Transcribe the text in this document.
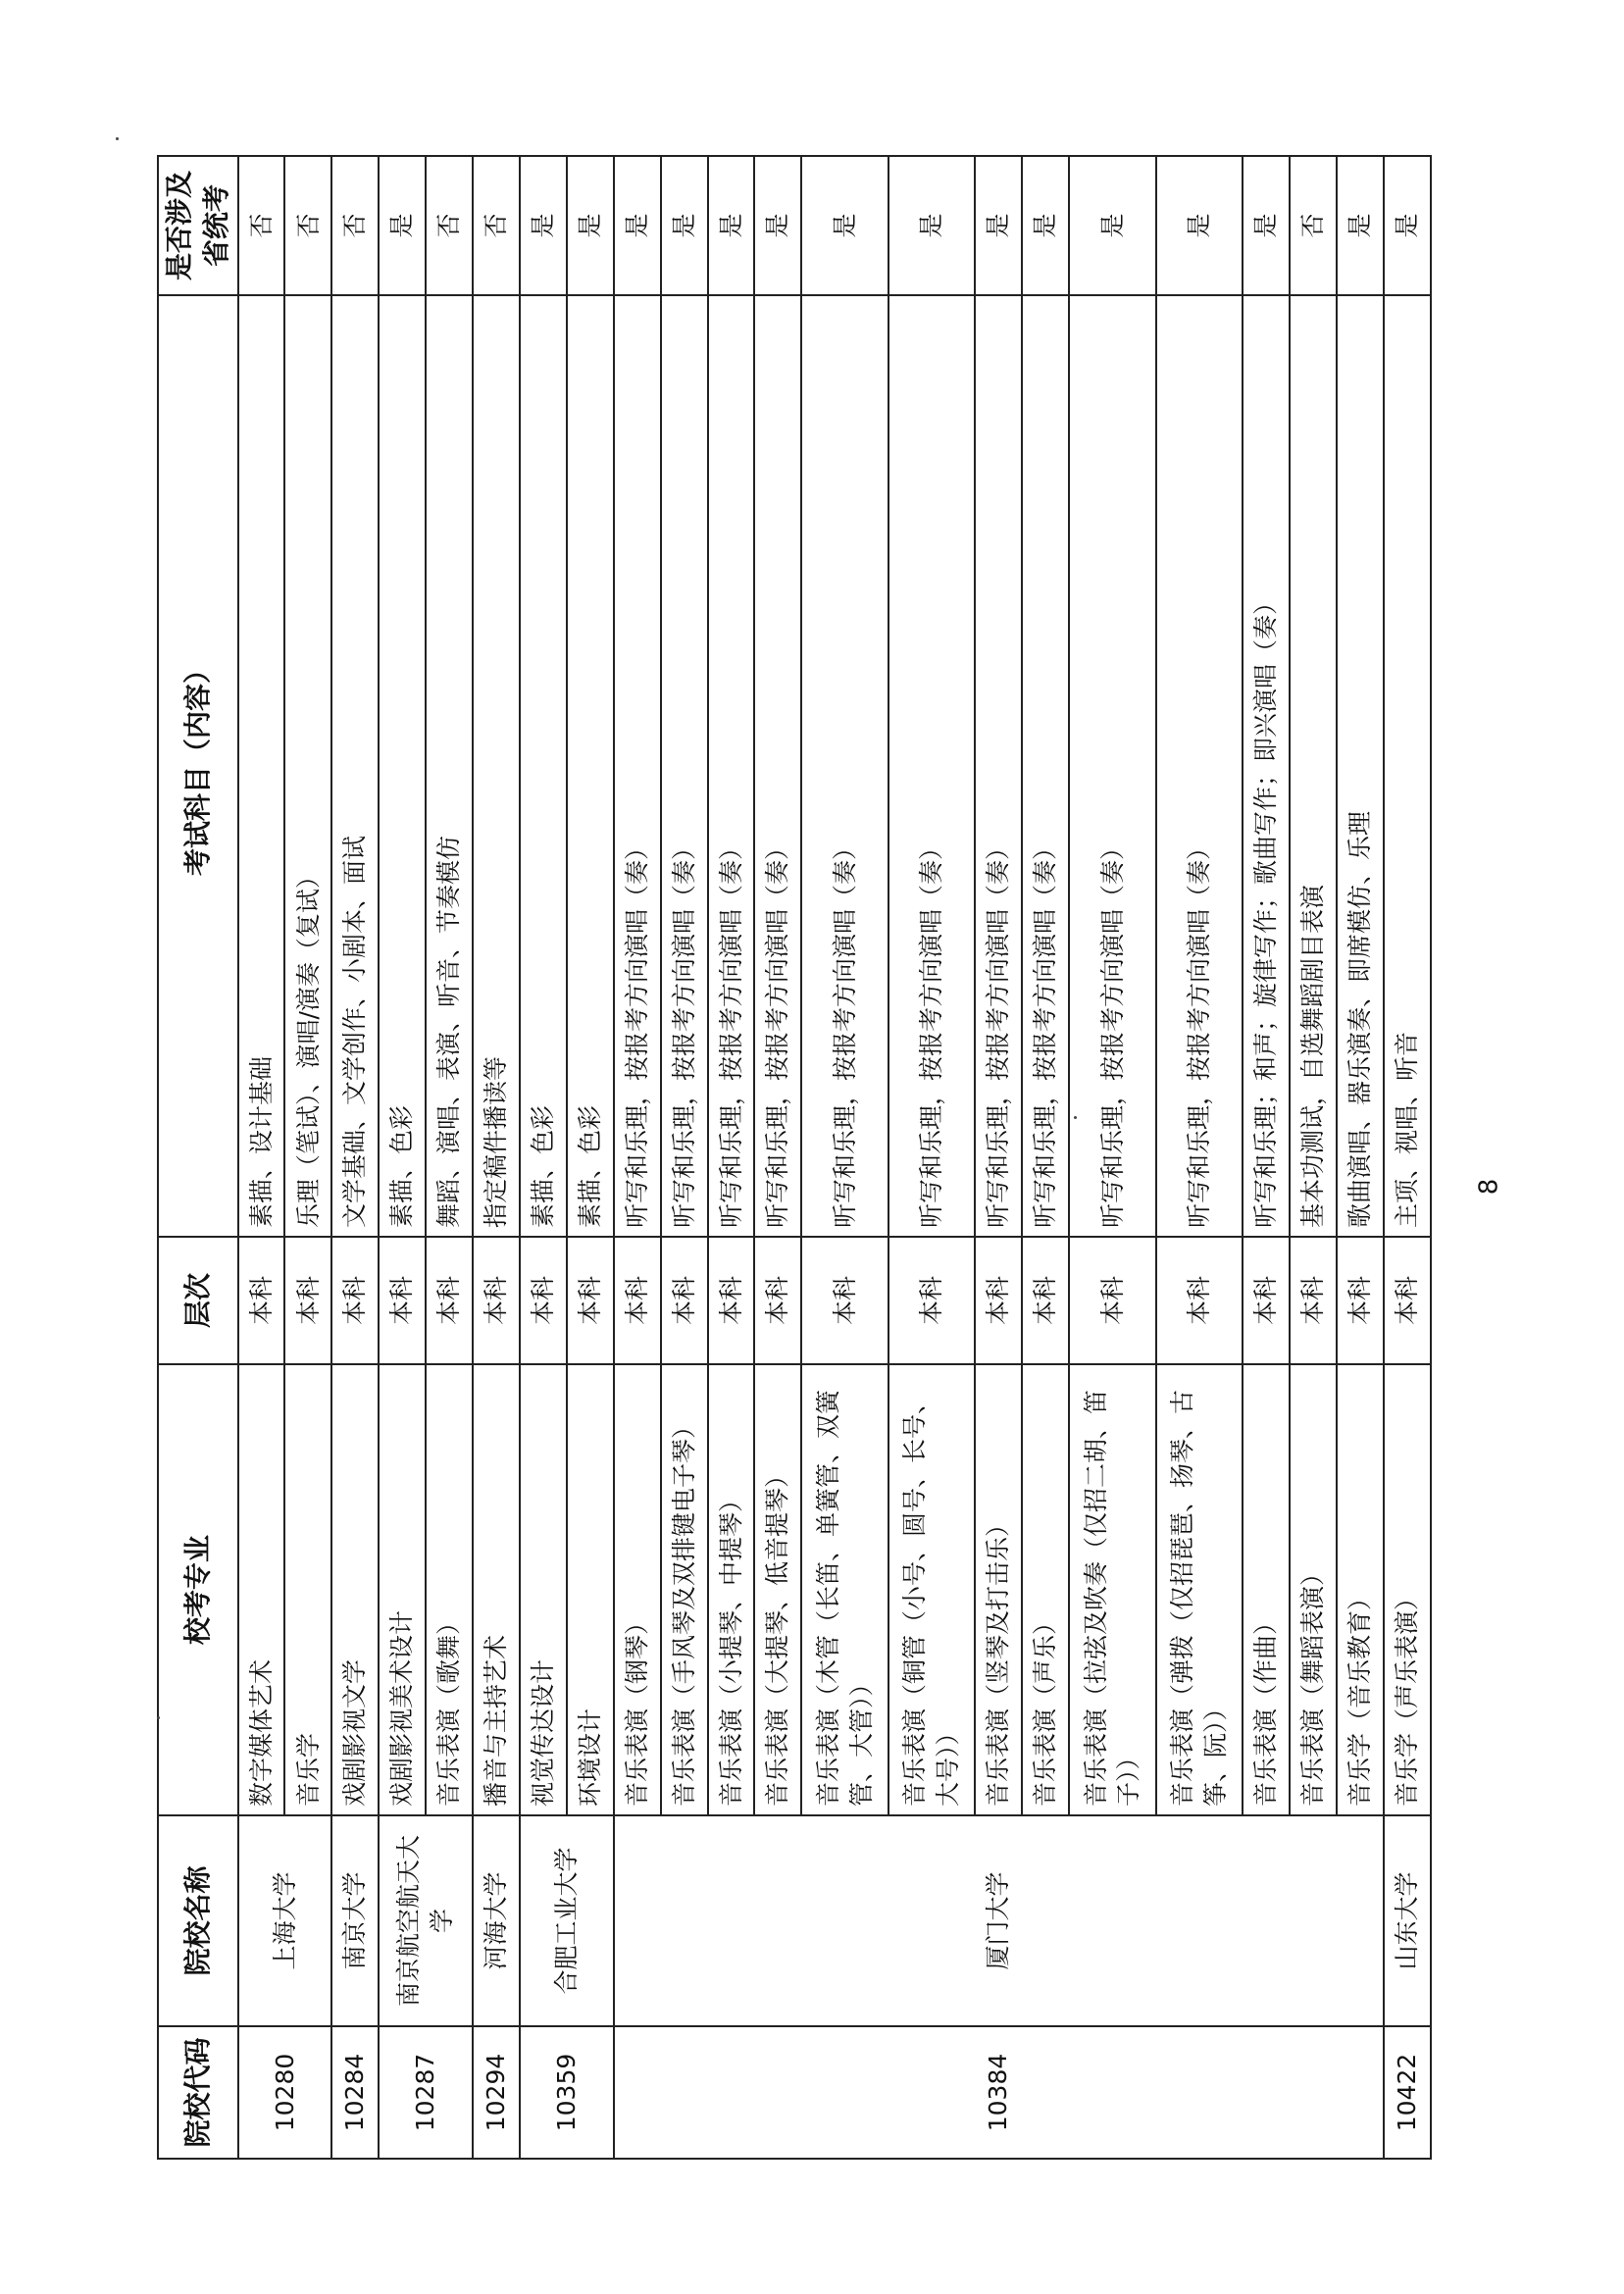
院校代码	院校名称	校考专业	层次	考试科目（内容）	是否涉及省统考
10280	上海大学	数字媒体艺术	本科	素描、设计基础	否
		音乐学	本科	乐理（笔试）、演唱/演奏（复试）	否
10284	南京大学	戏剧影视文学	本科	文学基础、文学创作、小剧本、面试	否
10287	南京航空航天大学	戏剧影视美术设计	本科	素描、色彩	是
		音乐表演（歌舞）	本科	舞蹈、演唱、表演、听音、节奏模仿	否
10294	河海大学	播音与主持艺术	本科	指定稿件播读等	否
10359	合肥工业大学	视觉传达设计	本科	素描、色彩	是
		环境设计	本科	素描、色彩	是
10384	厦门大学	音乐表演（钢琴）	本科	听写和乐理，按报考方向演唱（奏）	是
		音乐表演（手风琴及双排键电子琴）	本科	听写和乐理，按报考方向演唱（奏）	是
		音乐表演（小提琴、中提琴）	本科	听写和乐理，按报考方向演唱（奏）	是
		音乐表演（大提琴、低音提琴）	本科	听写和乐理，按报考方向演唱（奏）	是
		音乐表演（木管（长笛、单簧管、双簧管、大管））	本科	听写和乐理，按报考方向演唱（奏）	是
		音乐表演（铜管（小号、圆号、长号、大号））	本科	听写和乐理，按报考方向演唱（奏）	是
		音乐表演（竖琴及打击乐）	本科	听写和乐理，按报考方向演唱（奏）	是
		音乐表演（声乐）	本科	听写和乐理，按报考方向演唱（奏）	是
		音乐表演（拉弦及吹奏（仅招二胡、笛子））	本科	听写和乐理，按报考方向演唱（奏）	是
		音乐表演（弹拨（仅招琵琶、扬琴、古筝、阮））	本科	听写和乐理，按报考方向演唱（奏）	是
		音乐表演（作曲）	本科	听写和乐理；和声；旋律写作；歌曲写作；即兴演唱（奏）	是
		音乐表演（舞蹈表演）	本科	基本功测试，自选舞蹈剧目表演	否
		音乐学（音乐教育）	本科	歌曲演唱、器乐演奏、即席模仿、乐理	是
10422	山东大学	音乐学（声乐表演）	本科	主项、视唱、听音	是
8
